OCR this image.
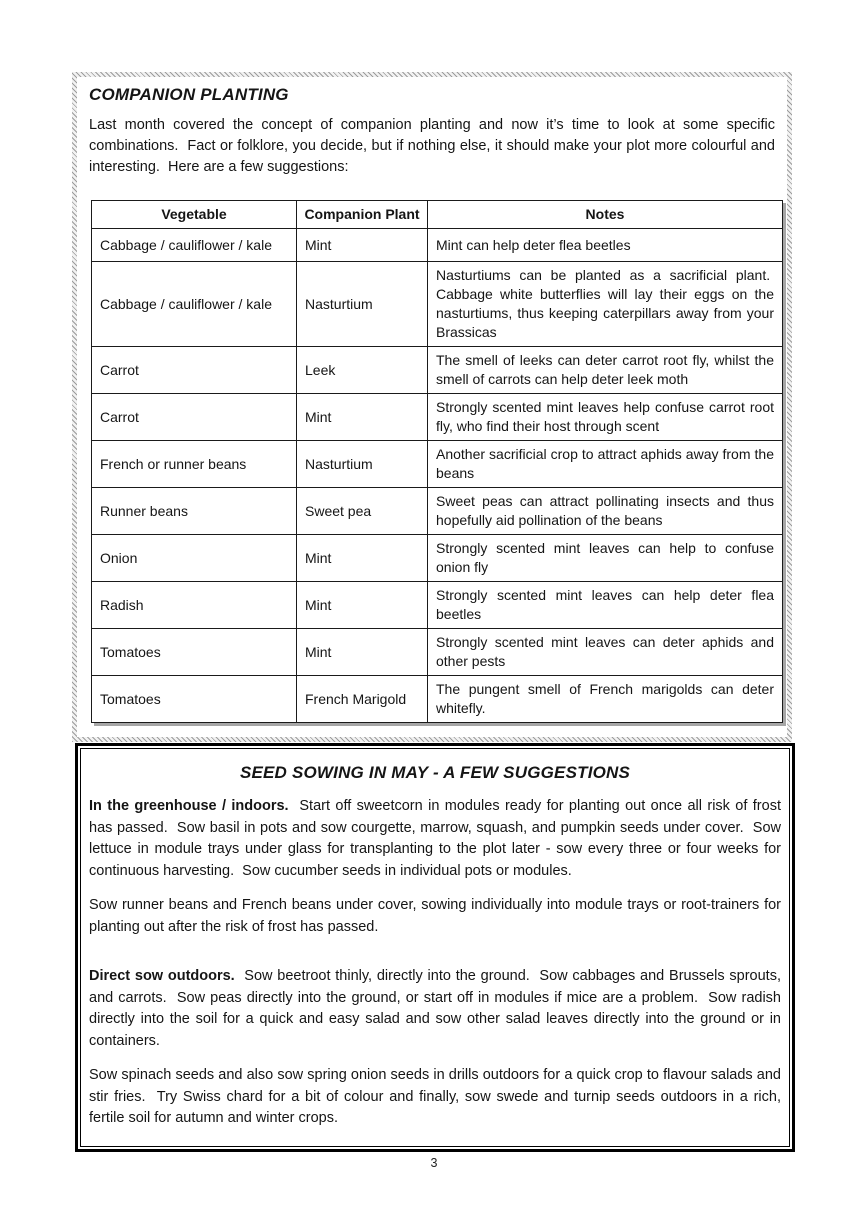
COMPANION PLANTING

Last month covered the concept of companion planting and now it’s time to look at some specific combinations.  Fact or folklore, you decide, but if nothing else, it should make your plot more colourful and interesting.  Here are a few suggestions:

Vegetable	Companion Plant	Notes
Cabbage / cauliflower / kale	Mint	Mint can help deter flea beetles
Cabbage / cauliflower / kale	Nasturtium	Nasturtiums can be planted as a sacrificial plant.  Cabbage white butterflies will lay their eggs on the nasturtiums, thus keeping caterpillars away from your Brassicas
Carrot	Leek	The smell of leeks can deter carrot root fly, whilst the smell of carrots can help deter leek moth
Carrot	Mint	Strongly scented mint leaves help confuse carrot root fly, who find their host through scent
French or runner beans	Nasturtium	Another sacrificial crop to attract aphids away from the beans
Runner beans	Sweet pea	Sweet peas can attract pollinating insects and thus hopefully aid pollination of the beans
Onion	Mint	Strongly scented mint leaves can help to confuse onion fly
Radish	Mint	Strongly scented mint leaves can help deter flea beetles
Tomatoes	Mint	Strongly scented mint leaves can deter aphids and other pests
Tomatoes	French Marigold	The pungent smell of French marigolds can deter whitefly.
SEED SOWING IN MAY - A FEW SUGGESTIONS

In the greenhouse / indoors.  Start off sweetcorn in modules ready for planting out once all risk of frost has passed.  Sow basil in pots and sow courgette, marrow, squash, and pumpkin seeds under cover.  Sow lettuce in module trays under glass for transplanting to the plot later - sow every three or four weeks for continuous harvesting.  Sow cucumber seeds in individual pots or modules.

Sow runner beans and French beans under cover, sowing individually into module trays or root-trainers for planting out after the risk of frost has passed.

Direct sow outdoors.  Sow beetroot thinly, directly into the ground.  Sow cabbages and Brussels sprouts, and carrots.  Sow peas directly into the ground, or start off in modules if mice are a problem.  Sow radish directly into the soil for a quick and easy salad and sow other salad leaves directly into the ground or in containers.

Sow spinach seeds and also sow spring onion seeds in drills outdoors for a quick crop to flavour salads and stir fries.  Try Swiss chard for a bit of colour and finally, sow swede and turnip seeds outdoors in a rich, fertile soil for autumn and winter crops.

3
